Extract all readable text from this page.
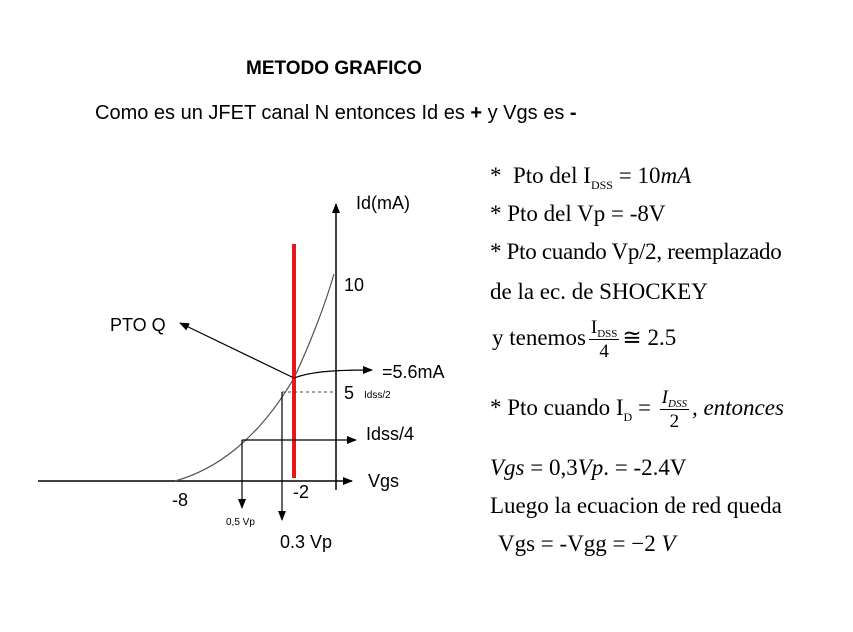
METODO GRAFICO
Como es un JFET canal N entonces Id es + y Vgs es -
Id(mA)
10
=5.6mA
5 Idss/2
Idss/4
Vgs
PTO Q
-8	-2
0,5 Vp
0.3 Vp
* Pto del $I_{DSS} = 10mA$
* Pto del Vp = -8V
* Pto cuando Vp/2, reemplazado
de la ec. de SHOCKEY
y tenemos $\frac{I_{DSS}}{4}$ ≅ 2.5
* Pto cuando $I_D = \frac{I_{DSS}}{2}$ , entonces
Vgs = 0,3Vp. = -2.4V
Luego la ecuacion de red queda
Vgs = -Vgg = −2 V
